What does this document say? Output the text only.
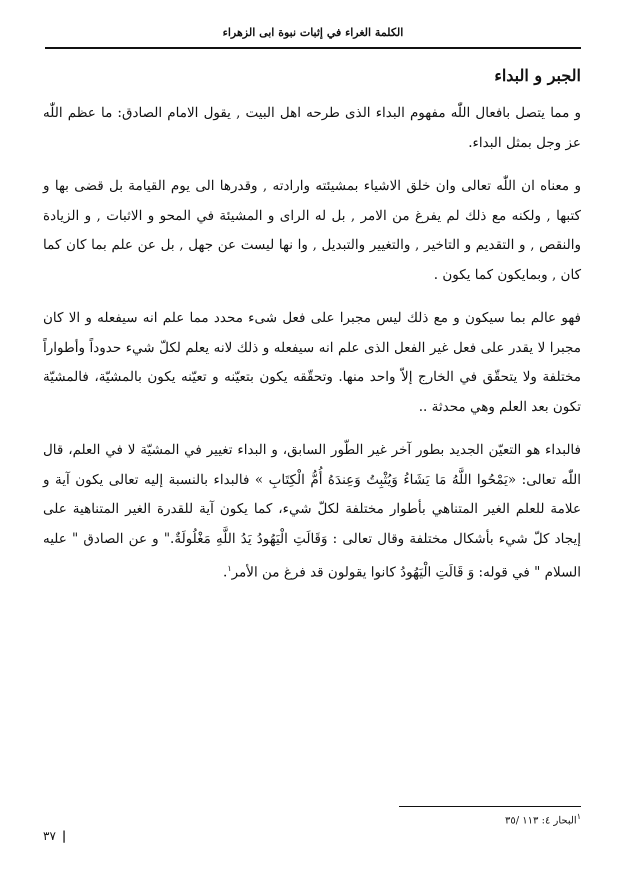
الكلمة الغراء في إثبات نبوة ابی الزهراء
الجبر و البداء

و مما يتصل بافعال اللّٰه مفهوم البداء الذی طرحه اهل البيت , يقول الامام الصادق: ما عظم اللّٰه عز وجل بمثل البداء.

و معناه ان اللّٰه تعالی وان خلق الاشياء بمشيئته وارادته , وقدرها الی يوم القيامة بل قضی بها و كتبها , ولكنه مع ذلك لم يفرغ من الامر , بل له الرای و المشيئة في المحو و الاثبات , و الزيادة والنقص , و التقديم و التاخير , والتغيير والتبديل , وا نها ليست عن جهل , بل عن علم بما كان كما كان , وبمايكون كما يكون .

فهو عالم بما سيكون و مع ذلك ليس مجبرا علی فعل شیء محدد مما علم انه سيفعله و الا كان مجبرا لا يقدر علی فعل غير الفعل الذی علم انه سيفعله و ذلك لانه يعلم لكلّ شيء حدوداً وأطواراً مختلفة ولا يتحقّق في الخارج إلاّ واحد منها. وتحقّقه يكون بتعيّنه و تعيّنه يكون بالمشيّة، فالمشيّة تكون بعد العلم وهي محدثة ..

فالبداء هو التعيّن الجديد بطور آخر غير الطّور السابق، و البداء تغيير في المشيّة لا في العلم، قال اللّٰه تعالی: «يَمْحُوا اللَّهُ مَا يَشَاءُ وَيُثْبِتُ وَعِندَهُ أُمُّ الْكِتَابِ » فالبداء بالنسبة إليه تعالی يكون آية و علامة للعلم الغير المتناهي بأطوار مختلفة لكلّ شيء، كما يكون آية للقدرة الغير المتناهية علی إيجاد كلّ شيء بأشكال مختلفة وقال تعالی : وَقَالَتِ الْيَهُودُ يَدُ اللَّهِ مَغْلُولَةٌ." و عن الصادق " عليه السلام " في قوله: وَ قَالَتِ الْيَهُودُ كانوا يقولون قد فرغ من الأمر$^١$.

$^١$البحار ٤: ١١٣ /٣٥
٣٧ |
